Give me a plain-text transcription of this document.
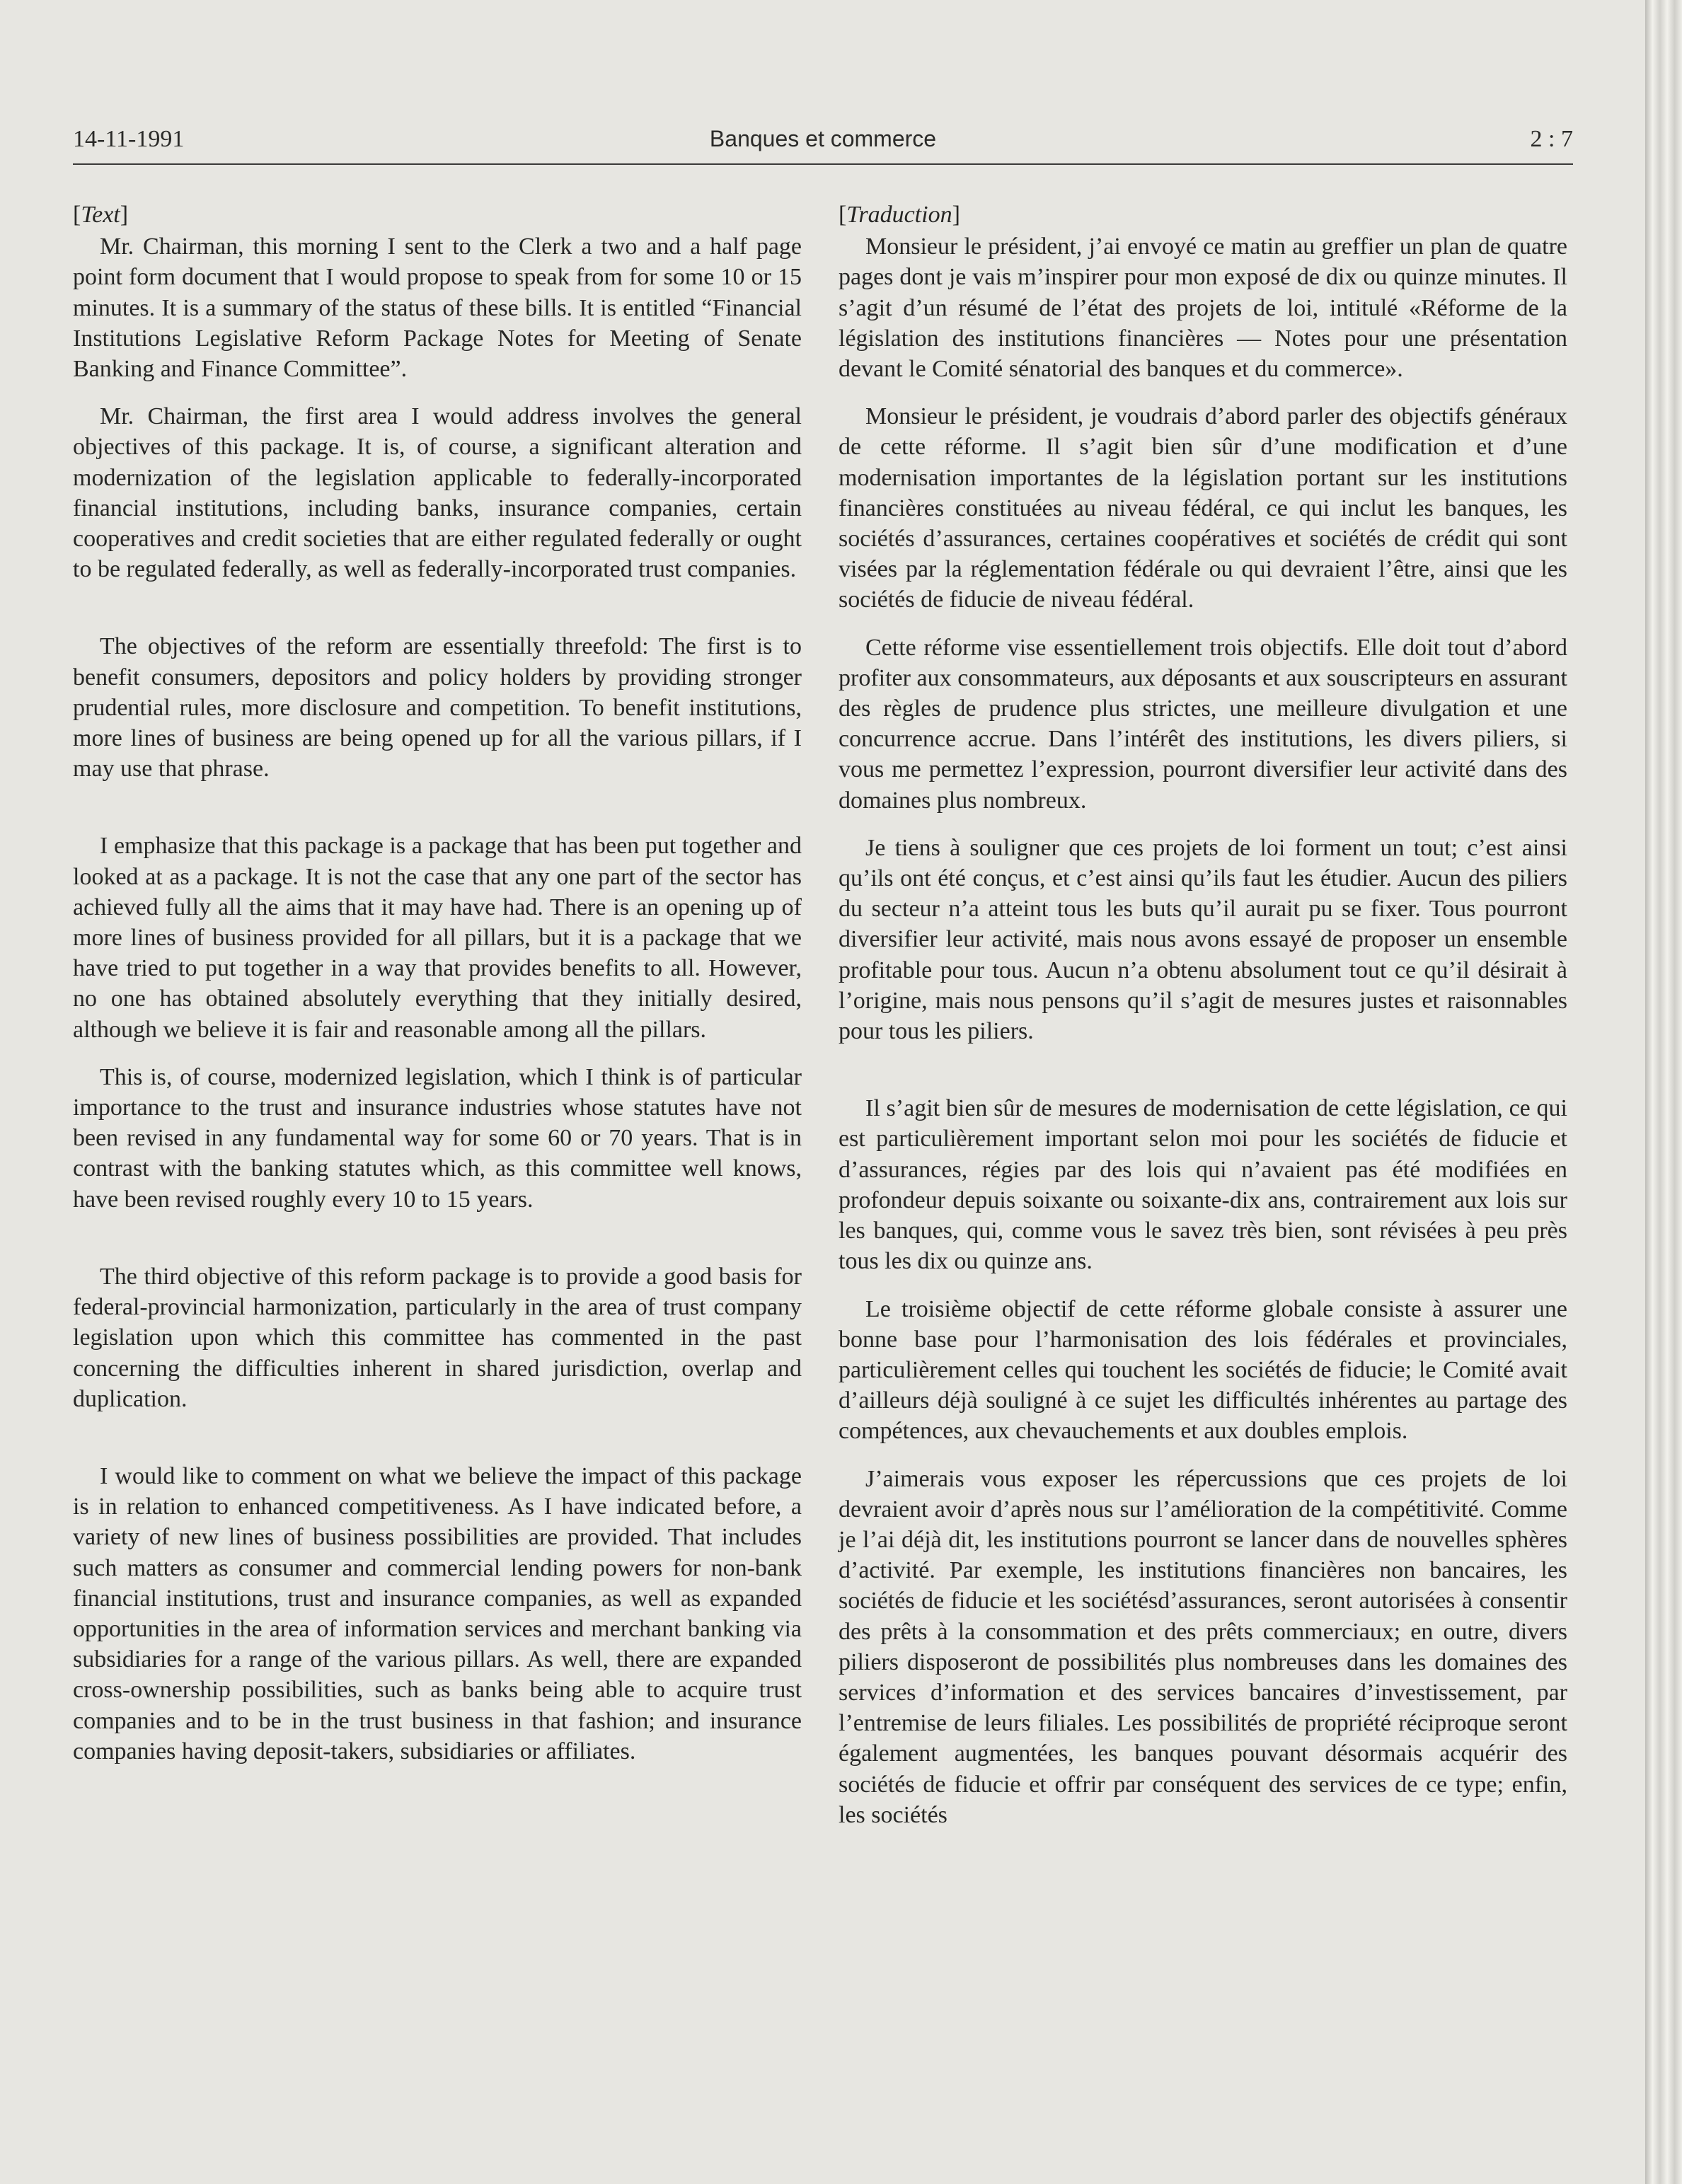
14-11-1991	Banques et commerce	2 : 7

[Text]

Mr. Chairman, this morning I sent to the Clerk a two and a half page point form document that I would propose to speak from for some 10 or 15 minutes. It is a summary of the status of these bills. It is entitled “Financial Institutions Legislative Reform Package Notes for Meeting of Senate Banking and Finance Committee”.

Mr. Chairman, the first area I would address involves the general objectives of this package. It is, of course, a significant alteration and modernization of the legislation applicable to federally-incorporated financial institutions, including banks, insurance companies, certain cooperatives and credit societies that are either regulated federally or ought to be regulated federally, as well as federally-incorporated trust companies.

The objectives of the reform are essentially threefold: The first is to benefit consumers, depositors and policy holders by providing stronger prudential rules, more disclosure and competition. To benefit institutions, more lines of business are being opened up for all the various pillars, if I may use that phrase.

I emphasize that this package is a package that has been put together and looked at as a package. It is not the case that any one part of the sector has achieved fully all the aims that it may have had. There is an opening up of more lines of business provided for all pillars, but it is a package that we have tried to put together in a way that provides benefits to all. However, no one has obtained absolutely everything that they initially desired, although we believe it is fair and reasonable among all the pillars.

This is, of course, modernized legislation, which I think is of particular importance to the trust and insurance industries whose statutes have not been revised in any fundamental way for some 60 or 70 years. That is in contrast with the banking statutes which, as this committee well knows, have been revised roughly every 10 to 15 years.

The third objective of this reform package is to provide a good basis for federal-provincial harmonization, particularly in the area of trust company legislation upon which this committee has commented in the past concerning the difficulties inherent in shared jurisdiction, overlap and duplication.

I would like to comment on what we believe the impact of this package is in relation to enhanced competitiveness. As I have indicated before, a variety of new lines of business possibilities are provided. That includes such matters as consumer and commercial lending powers for non-bank financial institutions, trust and insurance companies, as well as expanded opportunities in the area of information services and merchant banking via subsidiaries for a range of the various pillars. As well, there are expanded cross-ownership possibilities, such as banks being able to acquire trust companies and to be in the trust business in that fashion; and insurance companies having deposit-takers, subsidiaries or affiliates.

[Traduction]

Monsieur le président, j’ai envoyé ce matin au greffier un plan de quatre pages dont je vais m’inspirer pour mon exposé de dix ou quinze minutes. Il s’agit d’un résumé de l’état des projets de loi, intitulé «Réforme de la législation des institutions financières — Notes pour une présentation devant le Comité sénatorial des banques et du commerce».

Monsieur le président, je voudrais d’abord parler des objectifs généraux de cette réforme. Il s’agit bien sûr d’une modification et d’une modernisation importantes de la législation portant sur les institutions financières constituées au niveau fédéral, ce qui inclut les banques, les sociétés d’assurances, certaines coopératives et sociétés de crédit qui sont visées par la réglementation fédérale ou qui devraient l’être, ainsi que les sociétés de fiducie de niveau fédéral.

Cette réforme vise essentiellement trois objectifs. Elle doit tout d’abord profiter aux consommateurs, aux déposants et aux souscripteurs en assurant des règles de prudence plus strictes, une meilleure divulgation et une concurrence accrue. Dans l’intérêt des institutions, les divers piliers, si vous me permettez l’expression, pourront diversifier leur activité dans des domaines plus nombreux.

Je tiens à souligner que ces projets de loi forment un tout; c’est ainsi qu’ils ont été conçus, et c’est ainsi qu’ils faut les étudier. Aucun des piliers du secteur n’a atteint tous les buts qu’il aurait pu se fixer. Tous pourront diversifier leur activité, mais nous avons essayé de proposer un ensemble profitable pour tous. Aucun n’a obtenu absolument tout ce qu’il désirait à l’origine, mais nous pensons qu’il s’agit de mesures justes et raisonnables pour tous les piliers.

Il s’agit bien sûr de mesures de modernisation de cette législation, ce qui est particulièrement important selon moi pour les sociétés de fiducie et d’assurances, régies par des lois qui n’avaient pas été modifiées en profondeur depuis soixante ou soixante-dix ans, contrairement aux lois sur les banques, qui, comme vous le savez très bien, sont révisées à peu près tous les dix ou quinze ans.

Le troisième objectif de cette réforme globale consiste à assurer une bonne base pour l’harmonisation des lois fédérales et provinciales, particulièrement celles qui touchent les sociétés de fiducie; le Comité avait d’ailleurs déjà souligné à ce sujet les difficultés inhérentes au partage des compétences, aux chevauchements et aux doubles emplois.

J’aimerais vous exposer les répercussions que ces projets de loi devraient avoir d’après nous sur l’amélioration de la compétitivité. Comme je l’ai déjà dit, les institutions pourront se lancer dans de nouvelles sphères d’activité. Par exemple, les institutions financières non bancaires, les sociétés de fiducie et les sociétésd’assurances, seront autorisées à consentir des prêts à la consommation et des prêts commerciaux; en outre, divers piliers disposeront de possibilités plus nombreuses dans les domaines des services d’information et des services bancaires d’investissement, par l’entremise de leurs filiales. Les possibilités de propriété réciproque seront également augmentées, les banques pouvant désormais acquérir des sociétés de fiducie et offrir par conséquent des services de ce type; enfin, les sociétés
